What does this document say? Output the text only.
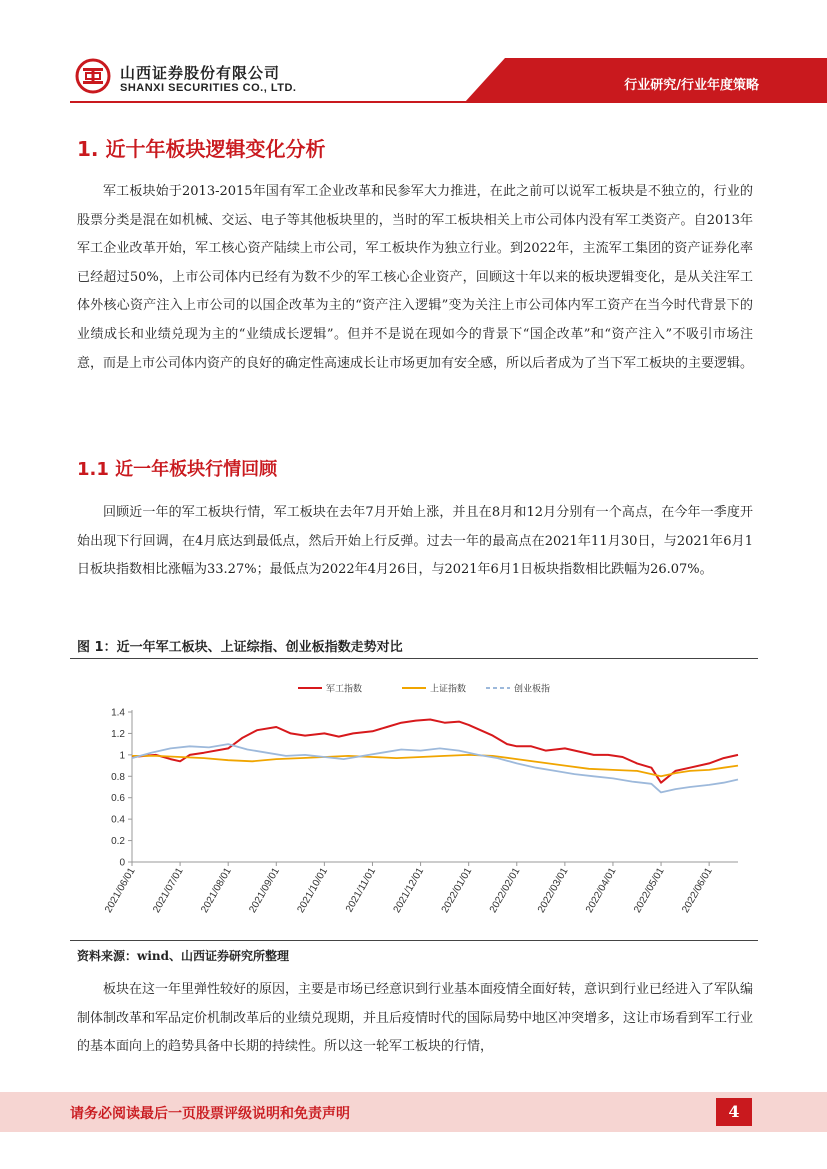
山西证券股份有限公司
SHANXI SECURITIES CO., LTD.	行业研究/行业年度策略
1. 近十年板块逻辑变化分析

军工板块始于2013-2015年国有军工企业改革和民参军大力推进，在此之前可以说军工板块是不独立的，行业的股票分类是混在如机械、交运、电子等其他板块里的，当时的军工板块相关上市公司体内没有军工类资产。自2013年军工企业改革开始，军工核心资产陆续上市公司，军工板块作为独立行业。到2022年，主流军工集团的资产证券化率已经超过50%，上市公司体内已经有为数不少的军工核心企业资产，回顾这十年以来的板块逻辑变化，是从关注军工体外核心资产注入上市公司的以国企改革为主的“资产注入逻辑”变为关注上市公司体内军工资产在当今时代背景下的业绩成长和业绩兑现为主的“业绩成长逻辑”。但并不是说在现如今的背景下“国企改革”和“资产注入”不吸引市场注意，而是上市公司体内资产的良好的确定性高速成长让市场更加有安全感，所以后者成为了当下军工板块的主要逻辑。

1.1 近一年板块行情回顾

回顾近一年的军工板块行情，军工板块在去年7月开始上涨，并且在8月和12月分别有一个高点，在今年一季度开始出现下行回调，在4月底达到最低点，然后开始上行反弹。过去一年的最高点在2021年11月30日，与2021年6月1日板块指数相比涨幅为33.27%；最低点为2022年4月26日，与2021年6月1日板块指数相比跌幅为26.07%。

图 1：近一年军工板块、上证综指、创业板指数走势对比
0
0.2
0.4
0.6
0.8
1
1.2
1.4
2021/06/01 2021/07/01 2021/08/01 2021/09/01 2021/10/01 2021/11/01 2021/12/01 2022/01/01 2022/02/01 2022/03/01 2022/04/01 2022/05/01 2022/06/01
军工指数	上证指数	创业板指
资料来源：wind、山西证券研究所整理

板块在这一年里弹性较好的原因，主要是市场已经意识到行业基本面疫情全面好转，意识到行业已经进入了军队编制体制改革和军品定价机制改革后的业绩兑现期，并且后疫情时代的国际局势中地区冲突增多，这让市场看到军工行业的基本面向上的趋势具备中长期的持续性。所以这一轮军工板块的行情，

请务必阅读最后一页股票评级说明和免责声明	4
